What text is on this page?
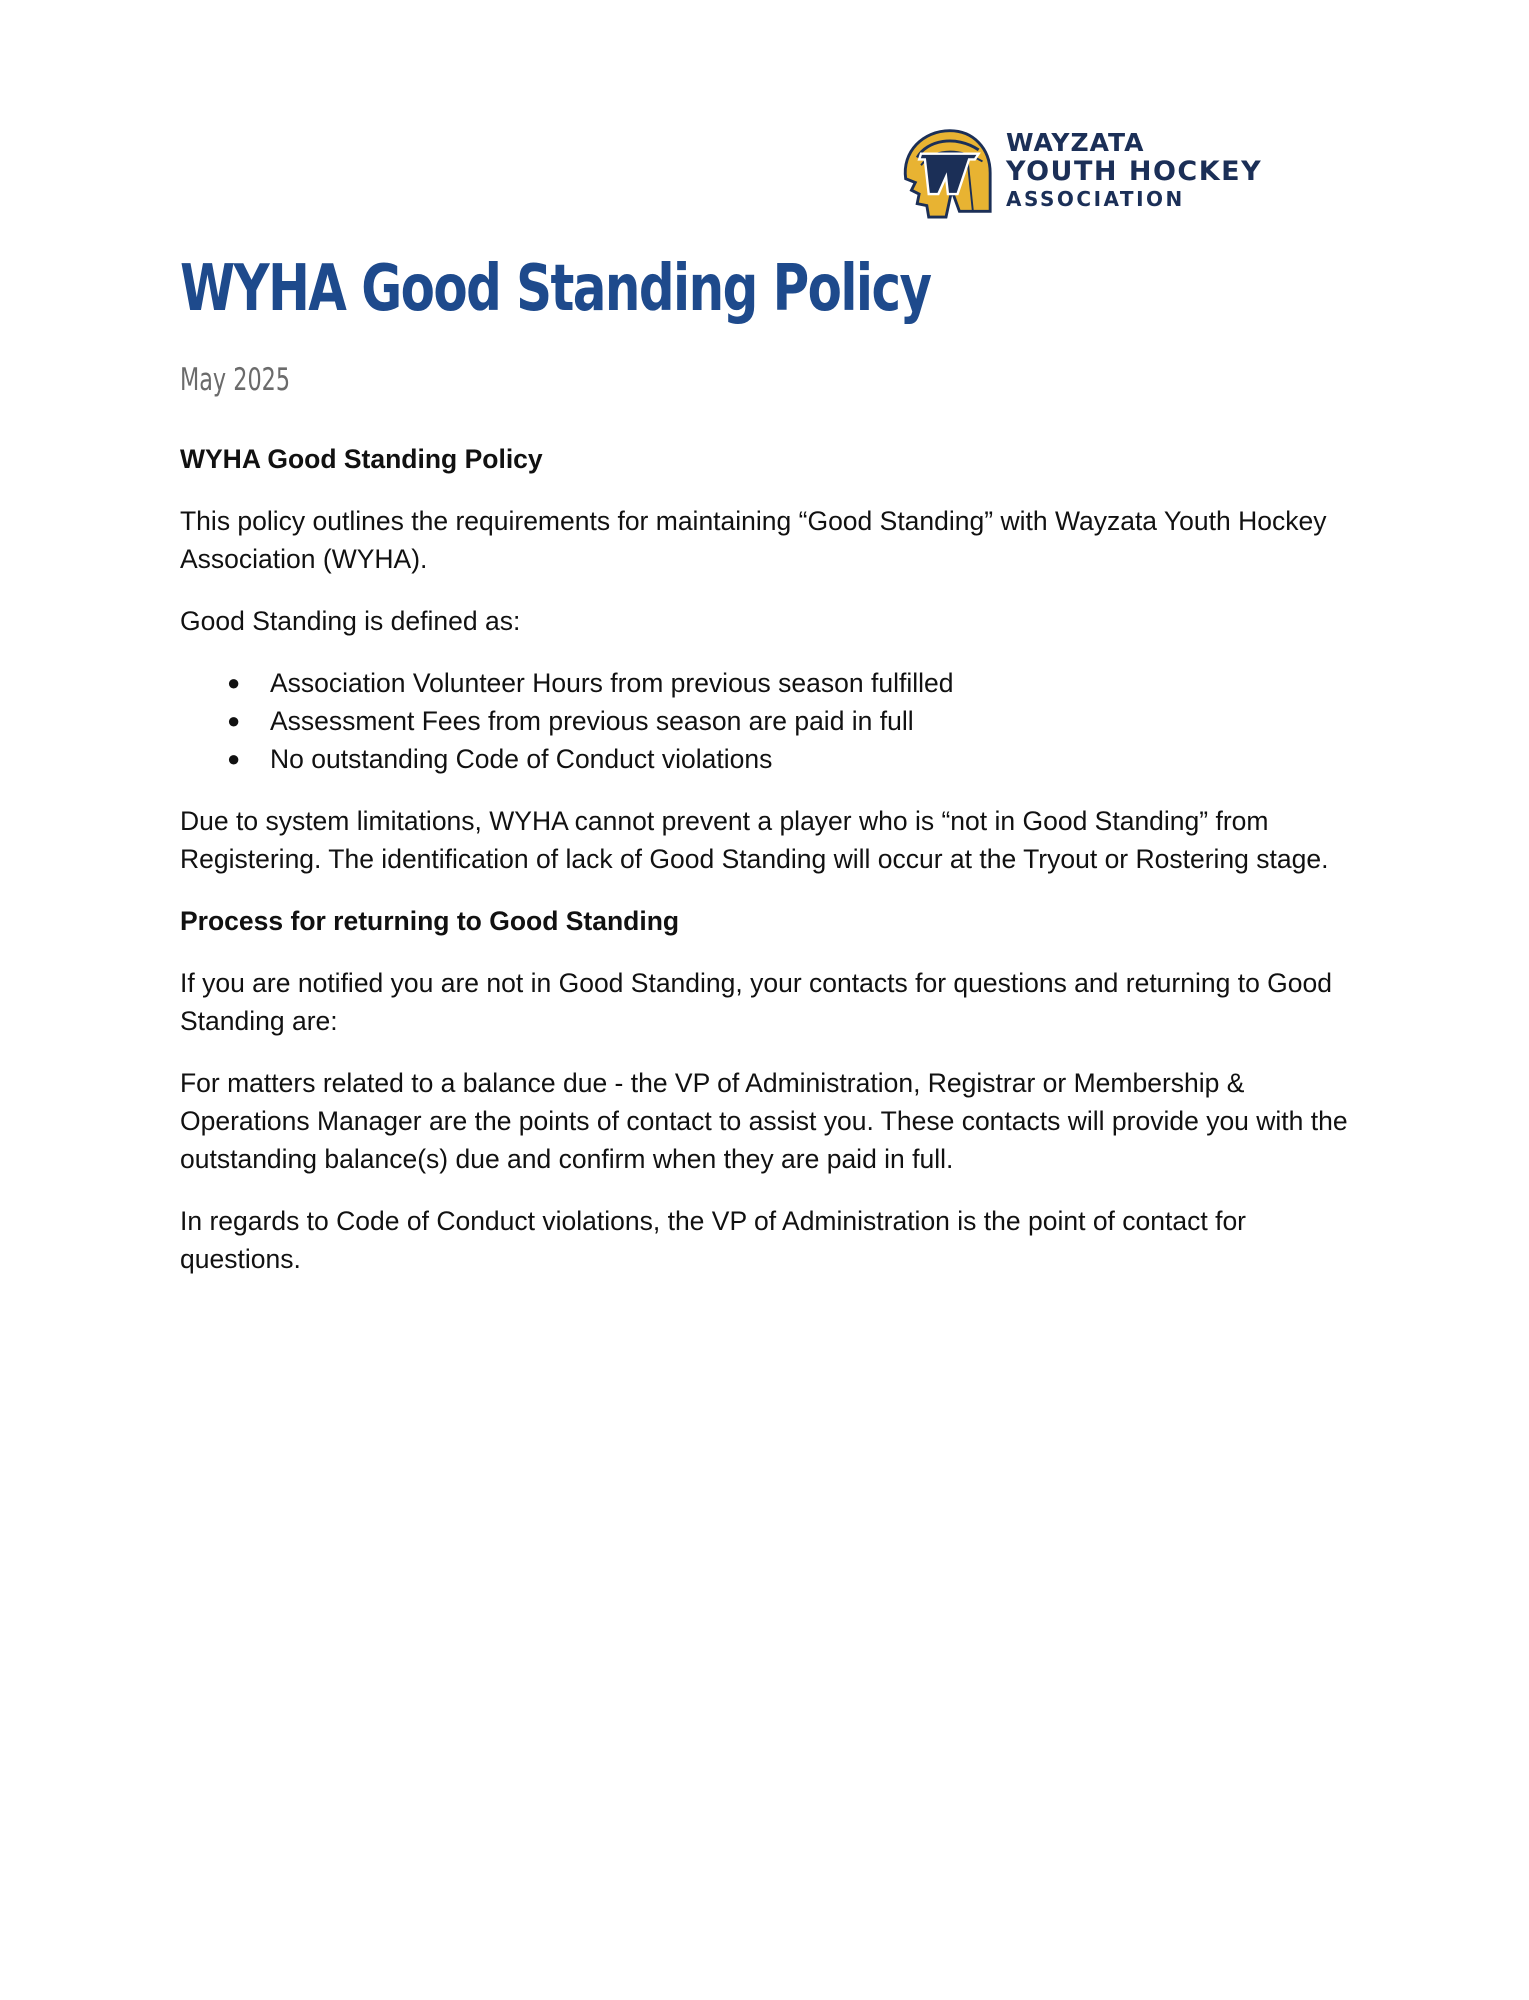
WAYZATA
YOUTH HOCKEY
ASSOCIATION
WYHA Good Standing Policy
May 2025
WYHA Good Standing Policy

This policy outlines the requirements for maintaining “Good Standing” with Wayzata Youth Hockey Association (WYHA).

Good Standing is defined as:

● Association Volunteer Hours from previous season fulfilled
● Assessment Fees from previous season are paid in full
● No outstanding Code of Conduct violations

Due to system limitations, WYHA cannot prevent a player who is “not in Good Standing” from Registering. The identification of lack of Good Standing will occur at the Tryout or Rostering stage.

Process for returning to Good Standing

If you are notified you are not in Good Standing, your contacts for questions and returning to Good Standing are:

For matters related to a balance due - the VP of Administration, Registrar or Membership & Operations Manager are the points of contact to assist you. These contacts will provide you with the outstanding balance(s) due and confirm when they are paid in full.

In regards to Code of Conduct violations, the VP of Administration is the point of contact for questions.
